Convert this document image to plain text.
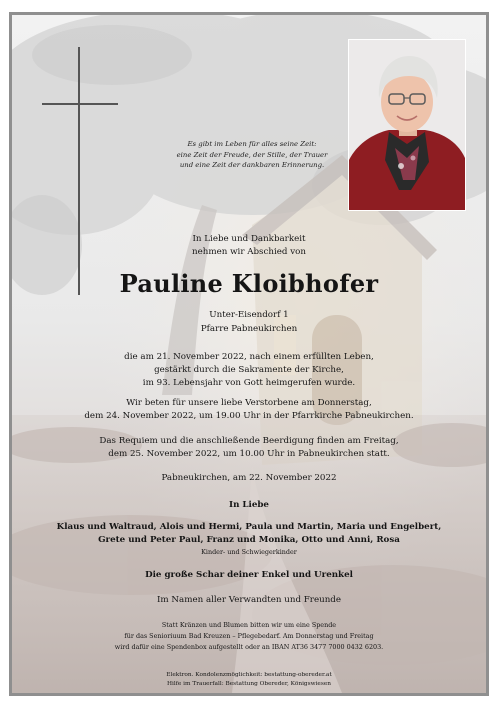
Es gibt im Leben für alles seine Zeit:
eine Zeit der Freude, der Stille, der Trauer
und eine Zeit der dankbaren Erinnerung.
In Liebe und Dankbarkeit
nehmen wir Abschied von
Pauline Kloibhofer
Unter-Eisendorf 1
Pfarre Pabneukirchen
die am 21. November 2022, nach einem erfüllten Leben,
gestärkt durch die Sakramente der Kirche,
im 93. Lebensjahr von Gott heimgerufen wurde.
Wir beten für unsere liebe Verstorbene am Donnerstag,
dem 24. November 2022, um 19.00 Uhr in der Pfarrkirche Pabneukirchen.
Das Requiem und die anschließende Beerdigung finden am Freitag,
dem 25. November 2022, um 10.00 Uhr in Pabneukirchen statt.
Pabneukirchen, am 22. November 2022
In Liebe
Klaus und Waltraud, Alois und Hermi, Paula und Martin, Maria und Engelbert,
Grete und Peter Paul, Franz und Monika, Otto und Anni, Rosa
Kinder- und Schwiegerkinder
Die große Schar deiner Enkel und Urenkel
Im Namen aller Verwandten und Freunde
Statt Kränzen und Blumen bitten wir um eine Spende
für das Senioriuum Bad Kreuzen – Pflegebedarf. Am Donnerstag und Freitag
wird dafür eine Spendenbox aufgestellt oder an IBAN AT36 3477 7000 0432 6203.
Elektron. Kondolenzmöglichkeit: bestattung-obereder.at
Hilfe im Trauerfall: Bestattung Obereder, Königswiesen
